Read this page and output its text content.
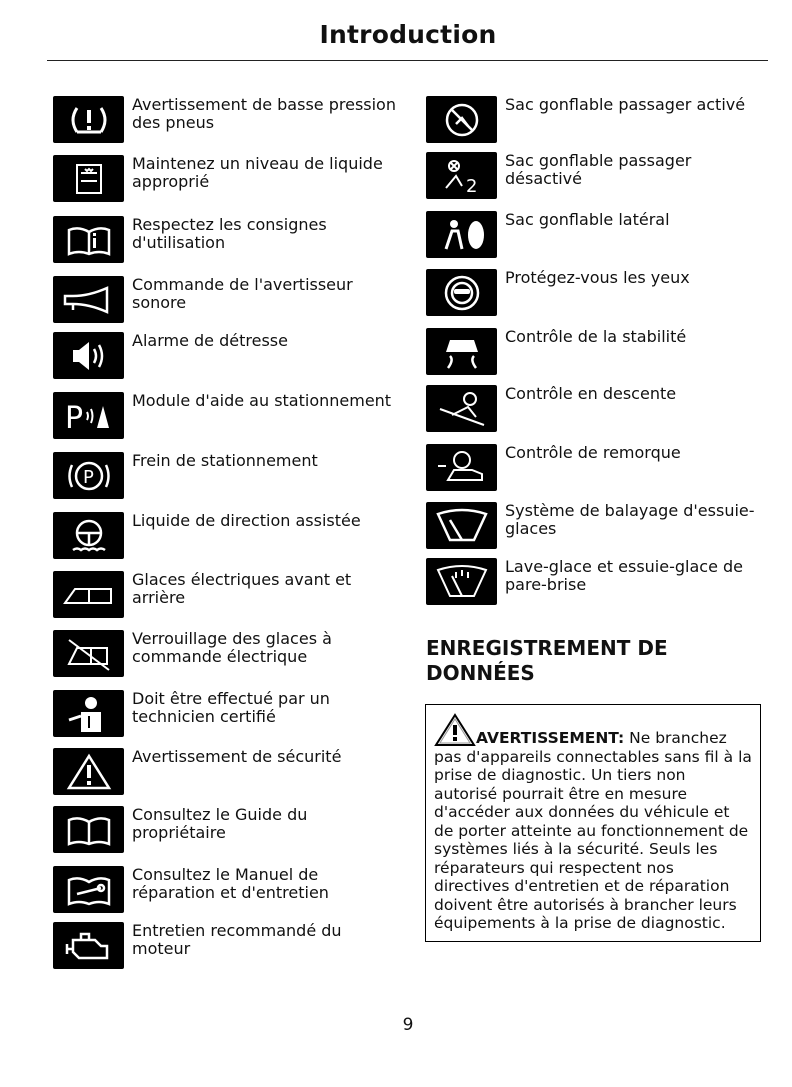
Introduction
Avertissement de basse pression des pneus
Maintenez un niveau de liquide approprié
Respectez les consignes d'utilisation
Commande de l'avertisseur sonore
Alarme de détresse
P	Module d'aide au stationnement
P
Frein de stationnement
Liquide de direction assistée
Glaces électriques avant et arrière
Verrouillage des glaces à commande électrique
Doit être effectué par un technicien certifié
Avertissement de sécurité
Consultez le Guide du propriétaire
Consultez le Manuel de réparation et d'entretien
Entretien recommandé du moteur
Sac gonflable passager activé
2
Sac gonflable passager désactivé
Sac gonflable latéral
Protégez-vous les yeux
Contrôle de la stabilité
Contrôle en descente
Contrôle de remorque
Système de balayage d'essuie-glaces
Lave-glace et essuie-glace de pare-brise
ENREGISTREMENT DE
DONNÉES
AVERTISSEMENT: Ne branchez pas d'appareils connectables sans fil à la prise de diagnostic. Un tiers non autorisé pourrait être en mesure d'accéder aux données du véhicule et de porter atteinte au fonctionnement de systèmes liés à la sécurité. Seuls les réparateurs qui respectent nos directives d'entretien et de réparation doivent être autorisés à brancher leurs équipements à la prise de diagnostic.
9
